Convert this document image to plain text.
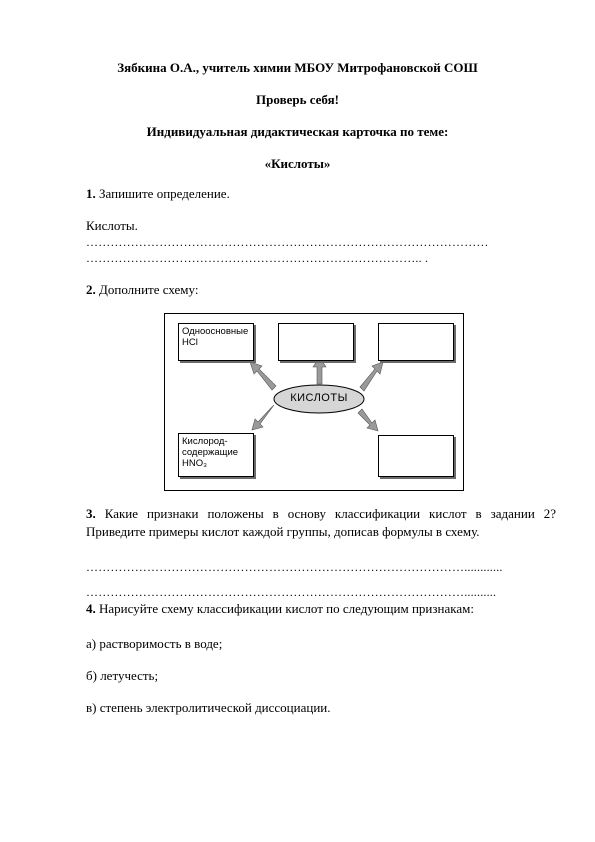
Зябкина О.А., учитель химии МБОУ Митрофановской СОШ
Проверь себя!
Индивидуальная дидактическая карточка по теме:
«Кислоты»
1. Запишите определение.
Кислоты.
………………………………………………………………………………………
……………………………………………………………………….. .
2. Дополните схему:
КИСЛОТЫ
Одноосновные
HCl
Кислород-
содержащие
HNO₃
3. Какие признаки положены в основу классификации кислот в задании 2? Приведите примеры кислот каждой группы, дописав формулы в схему.
…………………………………………………………………………………............
…………………………………………………………………………………..........
4. Нарисуйте схему классификации кислот по следующим признакам:
а) растворимость в воде;
б) летучесть;
в) степень электролитической диссоциации.
